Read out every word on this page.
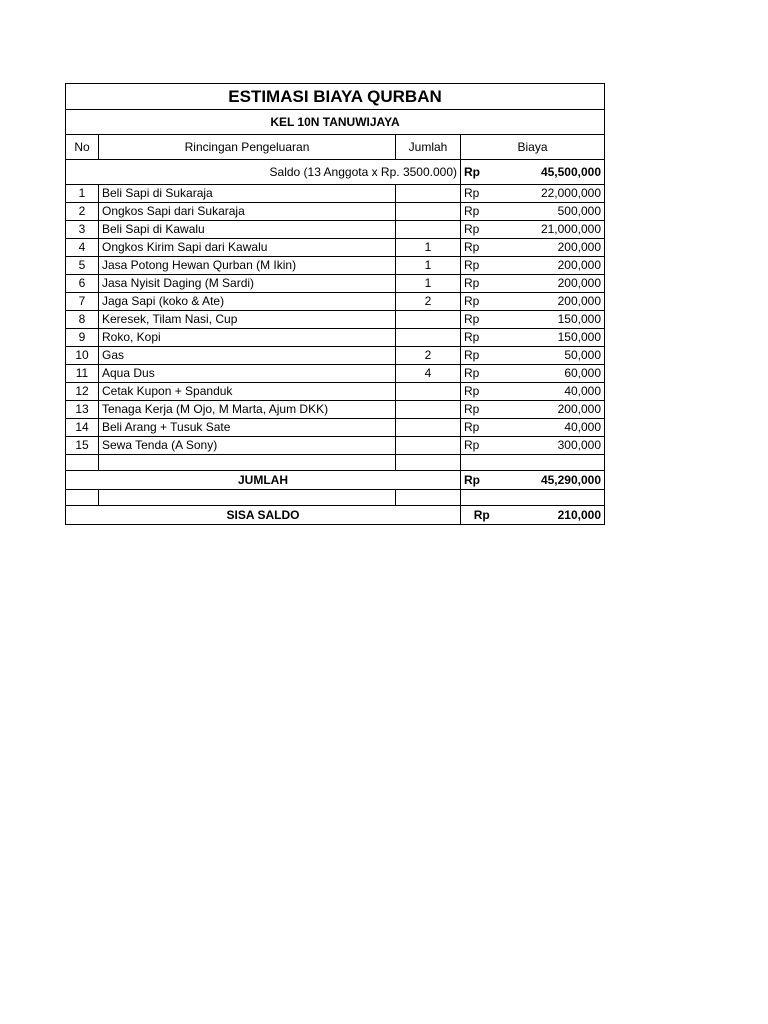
ESTIMASI BIAYA QURBAN				
KEL 10N TANUWIJAYA				
No	Rincingan Pengeluaran	Jumlah	Biaya	
Saldo (13 Anggota x Rp. 3500.000)			Rp	45,500,000
1	Beli Sapi di Sukaraja		Rp	22,000,000
2	Ongkos Sapi dari Sukaraja		Rp	500,000
3	Beli Sapi di Kawalu		Rp	21,000,000
4	Ongkos Kirim Sapi dari Kawalu	1	Rp	200,000
5	Jasa Potong Hewan Qurban (M Ikin)	1	Rp	200,000
6	Jasa Nyisit Daging (M Sardi)	1	Rp	200,000
7	Jaga Sapi (koko & Ate)	2	Rp	200,000
8	Keresek, Tilam Nasi, Cup		Rp	150,000
9	Roko, Kopi		Rp	150,000
10	Gas	2	Rp	50,000
11	Aqua Dus	4	Rp	60,000
12	Cetak Kupon + Spanduk		Rp	40,000
13	Tenaga Kerja (M Ojo, M Marta, Ajum DKK)		Rp	200,000
14	Beli Arang + Tusuk Sate		Rp	40,000
15	Sewa Tenda (A Sony)		Rp	300,000

JUMLAH			Rp	45,290,000

SISA SALDO			Rp	210,000
